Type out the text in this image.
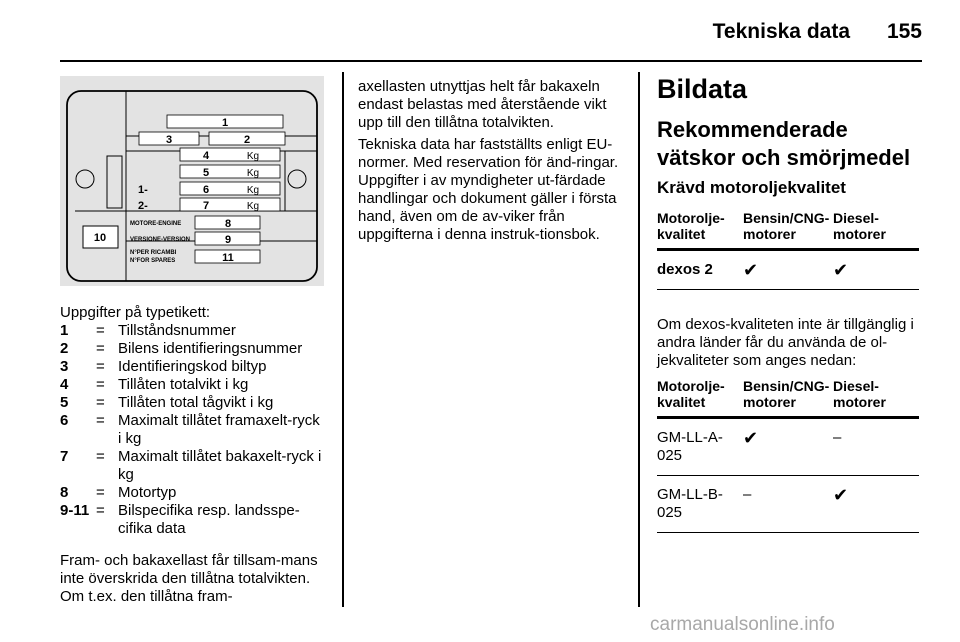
Tekniska data	155
1
3	2
4	Kg
5	Kg
6	Kg
1-
7	Kg
2-
MOTORE-ENGINE	8
VERSIONE-VERSION	9
10
N°PER RICAMBI
N°FOR SPARES	11

Uppgifter på typetikett:

1	= Tillståndsnummer
2	= Bilens identifieringsnummer
3	= Identifieringskod biltyp
4	= Tillåten totalvikt i kg
5	= Tillåten total tågvikt i kg
6	= Maximalt tillåtet framaxelt-ryck i kg
7	= Maximalt tillåtet bakaxelt-ryck i kg
8	= Motortyp
9-11 = Bilspecifika resp. landsspe-cifika data

Fram- och bakaxellast får tillsam-mans inte överskrida den tillåtna totalvikten. Om t.ex. den tillåtna fram-

axellasten utnyttjas helt får bakaxeln endast belastas med återstående vikt upp till den tillåtna totalvikten.

Tekniska data har fastställts enligt EU-normer. Med reservation för änd-ringar. Uppgifter i av myndigheter ut-färdade handlingar och dokument gäller i första hand, även om de av-viker från uppgifterna i denna instruk-tionsbok.

Bildata
Rekommenderade vätskor och smörjmedel
Krävd motoroljekvalitet
Motorolje-kvalitet	Bensin/CNG-motorer	Diesel-motorer
dexos 2	✔	✔

Om dexos-kvaliteten inte är tillgänglig i andra länder får du använda de ol-jekvaliteter som anges nedan:

Motorolje-kvalitet	Bensin/CNG-motorer	Diesel-motorer
GM-LL-A-025	✔	–
GM-LL-B-025	–	✔
carmanualsonline.info
